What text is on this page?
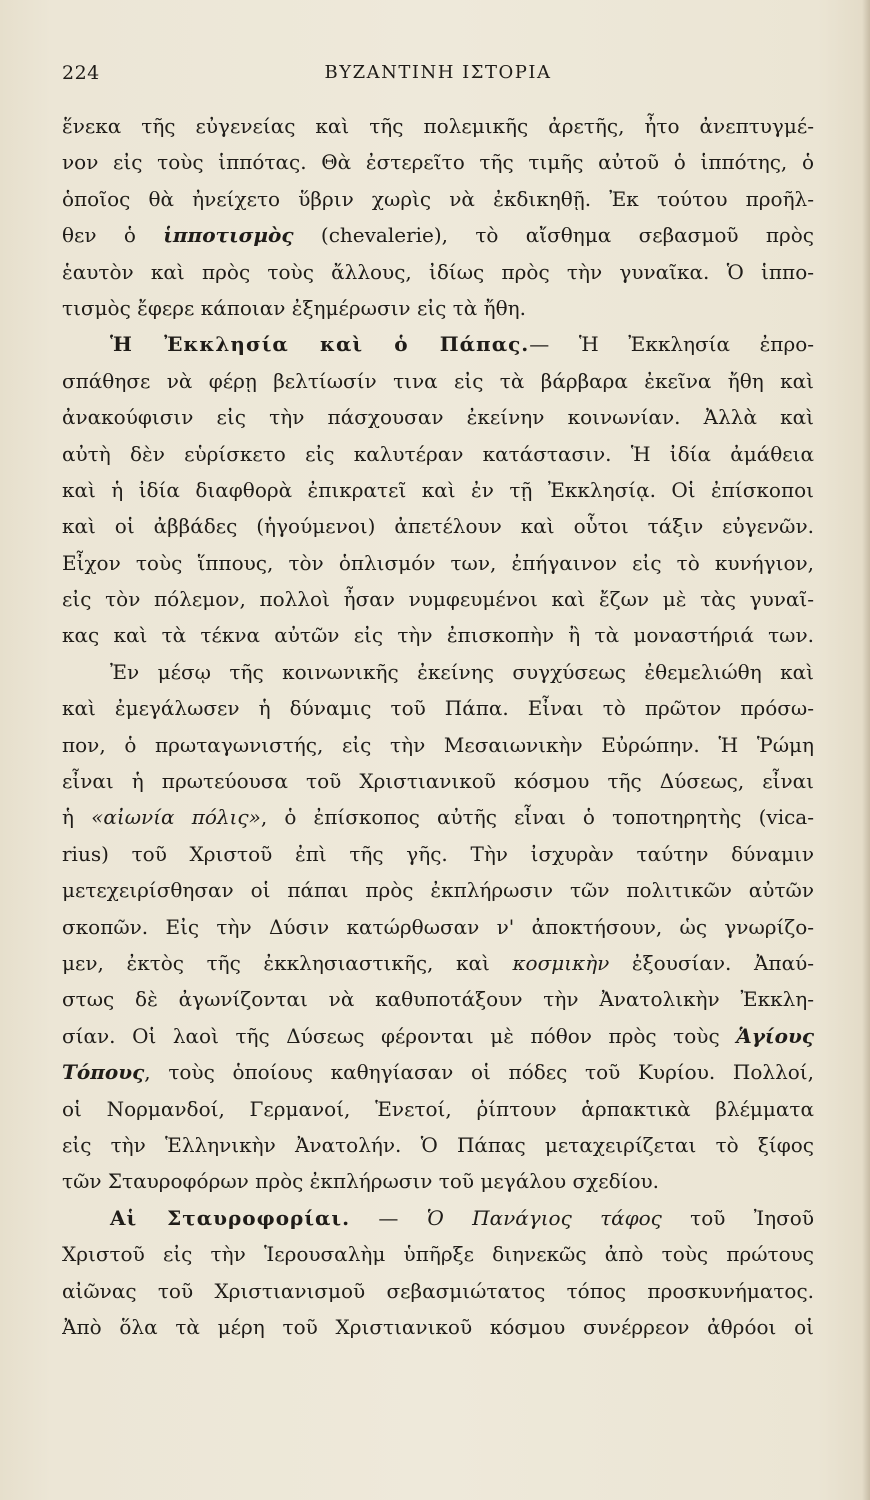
224	ΒΥΖΑΝΤΙΝΗ ΙΣΤΟΡΙΑ
ἕνεκα τῆς εὐγενείας καὶ τῆς πολεμικῆς ἀρετῆς, ἦτο ἀνεπτυγμέ-
νον εἰς τοὺς ἱππότας. Θὰ ἐστερεῖτο τῆς τιμῆς αὐτοῦ ὁ ἱππότης, ὁ
ὁποῖος θὰ ἠνείχετο ὕβριν χωρὶς νὰ ἐκδικηθῇ. Ἐκ τούτου προῆλ-
θεν ὁ ἱπποτισμὸς (chevalerie), τὸ αἴσθημα σεβασμοῦ πρὸς
ἑαυτὸν καὶ πρὸς τοὺς ἄλλους, ἰδίως πρὸς τὴν γυναῖκα. Ὁ ἱππο-
τισμὸς ἔφερε κάποιαν ἐξημέρωσιν εἰς τὰ ἤθη.
Ἡ Ἐκκλησία καὶ ὁ Πάπας.— Ἡ Ἐκκλησία ἐπρο-
σπάθησε νὰ φέρῃ βελτίωσίν τινα εἰς τὰ βάρβαρα ἐκεῖνα ἤθη καὶ
ἀνακούφισιν εἰς τὴν πάσχουσαν ἐκείνην κοινωνίαν. Ἀλλὰ καὶ
αὐτὴ δὲν εὑρίσκετο εἰς καλυτέραν κατάστασιν. Ἡ ἰδία ἀμάθεια
καὶ ἡ ἰδία διαφθορὰ ἐπικρατεῖ καὶ ἐν τῇ Ἐκκλησίᾳ. Οἱ ἐπίσκοποι
καὶ οἱ ἀββάδες (ἡγούμενοι) ἀπετέλουν καὶ οὗτοι τάξιν εὐγενῶν.
Εἶχον τοὺς ἵππους, τὸν ὁπλισμόν των, ἐπήγαινον εἰς τὸ κυνήγιον,
εἰς τὸν πόλεμον, πολλοὶ ἦσαν νυμφευμένοι καὶ ἔζων μὲ τὰς γυναῖ-
κας καὶ τὰ τέκνα αὐτῶν εἰς τὴν ἐπισκοπὴν ἢ τὰ μοναστήριά των.
Ἐν μέσῳ τῆς κοινωνικῆς ἐκείνης συγχύσεως ἐθεμελιώθη καὶ
καὶ ἐμεγάλωσεν ἡ δύναμις τοῦ Πάπα. Εἶναι τὸ πρῶτον πρόσω-
πον, ὁ πρωταγωνιστής, εἰς τὴν Μεσαιωνικὴν Εὐρώπην. Ἡ Ῥώμη
εἶναι ἡ πρωτεύουσα τοῦ Χριστιανικοῦ κόσμου τῆς Δύσεως, εἶναι
ἡ «αἰωνία πόλις», ὁ ἐπίσκοπος αὐτῆς εἶναι ὁ τοποτηρητὴς (vica-
rius) τοῦ Χριστοῦ ἐπὶ τῆς γῆς. Τὴν ἰσχυρὰν ταύτην δύναμιν
μετεχειρίσθησαν οἱ πάπαι πρὸς ἐκπλήρωσιν τῶν πολιτικῶν αὐτῶν
σκοπῶν. Εἰς τὴν Δύσιν κατώρθωσαν ν' ἀποκτήσουν, ὡς γνωρίζο-
μεν, ἐκτὸς τῆς ἐκκλησιαστικῆς, καὶ κοσμικὴν ἐξουσίαν. Ἀπαύ-
στως δὲ ἀγωνίζονται νὰ καθυποτάξουν τὴν Ἀνατολικὴν Ἐκκλη-
σίαν. Οἱ λαοὶ τῆς Δύσεως φέρονται μὲ πόθον πρὸς τοὺς Ἁγίους
Τόπους, τοὺς ὁποίους καθηγίασαν οἱ πόδες τοῦ Κυρίου. Πολλοί,
οἱ Νορμανδοί, Γερμανοί, Ἑνετοί, ῥίπτουν ἁρπακτικὰ βλέμματα
εἰς τὴν Ἑλληνικὴν Ἀνατολήν. Ὁ Πάπας μεταχειρίζεται τὸ ξίφος
τῶν Σταυροφόρων πρὸς ἐκπλήρωσιν τοῦ μεγάλου σχεδίου.
Αἱ Σταυροφορίαι. — Ὁ Πανάγιος τάφος τοῦ Ἰησοῦ
Χριστοῦ εἰς τὴν Ἱερουσαλὴμ ὑπῆρξε διηνεκῶς ἀπὸ τοὺς πρώτους
αἰῶνας τοῦ Χριστιανισμοῦ σεβασμιώτατος τόπος προσκυνήματος.
Ἀπὸ ὅλα τὰ μέρη τοῦ Χριστιανικοῦ κόσμου συνέρρεον ἀθρόοι οἱ
